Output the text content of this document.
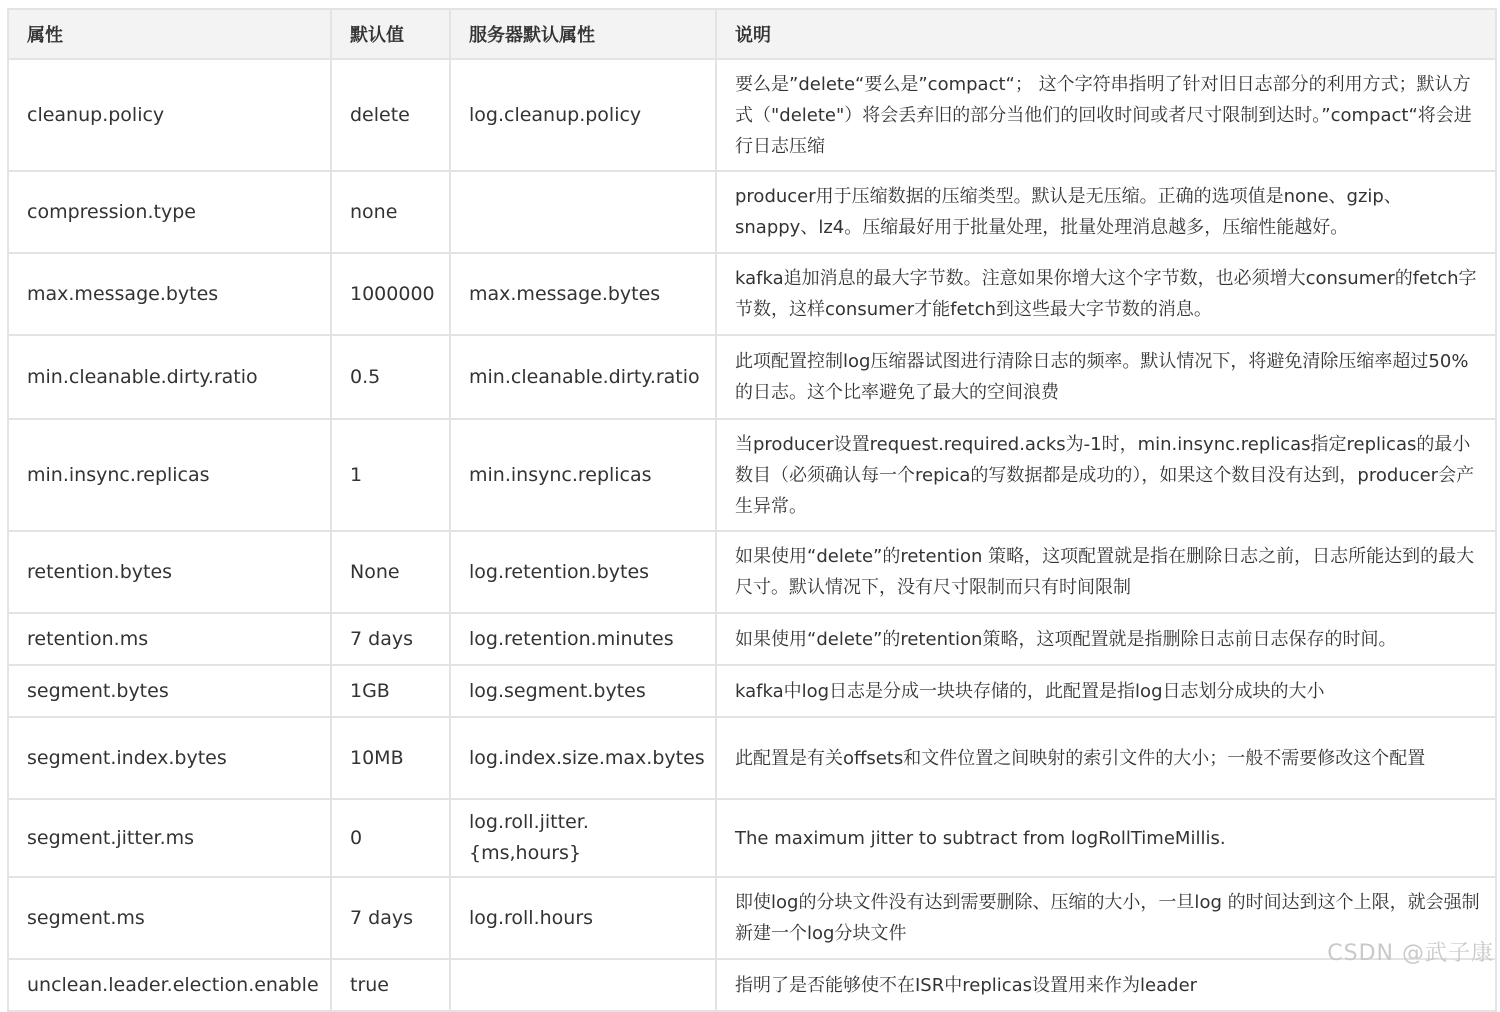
属性	默认值	服务器默认属性	说明
cleanup.policy	delete	log.cleanup.policy	要么是”delete“要么是”compact“； 这个字符串指明了针对旧日志部分的利用方式；默认方式（"delete"）将会丢弃旧的部分当他们的回收时间或者尺寸限制到达时。”compact“将会进行日志压缩
compression.type	none		producer用于压缩数据的压缩类型。默认是无压缩。正确的选项值是none、gzip、snappy、lz4。压缩最好用于批量处理，批量处理消息越多，压缩性能越好。
max.message.bytes	1000000	max.message.bytes	kafka追加消息的最大字节数。注意如果你增大这个字节数，也必须增大consumer的fetch字节数，这样consumer才能fetch到这些最大字节数的消息。
min.cleanable.dirty.ratio	0.5	min.cleanable.dirty.ratio	此项配置控制log压缩器试图进行清除日志的频率。默认情况下，将避免清除压缩率超过50%的日志。这个比率避免了最大的空间浪费
min.insync.replicas	1	min.insync.replicas	当producer设置request.required.acks为-1时，min.insync.replicas指定replicas的最小数目（必须确认每一个repica的写数据都是成功的），如果这个数目没有达到，producer会产生异常。
retention.bytes	None	log.retention.bytes	如果使用“delete”的retention 策略，这项配置就是指在删除日志之前，日志所能达到的最大尺寸。默认情况下，没有尺寸限制而只有时间限制
retention.ms	7 days	log.retention.minutes	如果使用“delete”的retention策略，这项配置就是指删除日志前日志保存的时间。
segment.bytes	1GB	log.segment.bytes	kafka中log日志是分成一块块存储的，此配置是指log日志划分成块的大小
segment.index.bytes	10MB	log.index.size.max.bytes	此配置是有关offsets和文件位置之间映射的索引文件的大小；一般不需要修改这个配置
segment.jitter.ms	0	log.roll.jitter.{ms,hours}	The maximum jitter to subtract from logRollTimeMillis.
segment.ms	7 days	log.roll.hours	即使log的分块文件没有达到需要删除、压缩的大小，一旦log 的时间达到这个上限，就会强制新建一个log分块文件
unclean.leader.election.enable	true		指明了是否能够使不在ISR中replicas设置用来作为leader
CSDN @武子康
